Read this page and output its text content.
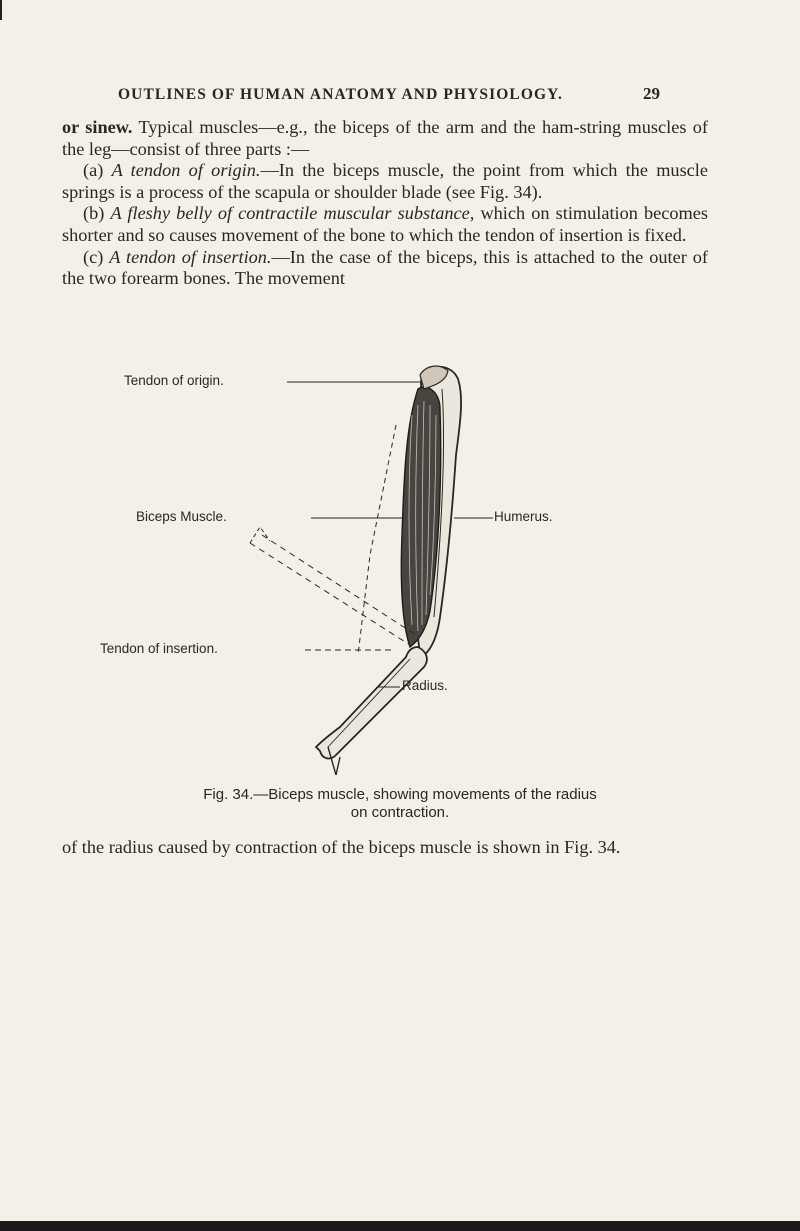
OUTLINES OF HUMAN ANATOMY AND PHYSIOLOGY.	29

or sinew. Typical muscles—e.g., the biceps of the arm and the ham-string muscles of the leg—consist of three parts :—

(a) A tendon of origin.—In the biceps muscle, the point from which the muscle springs is a process of the scapula or shoulder blade (see Fig. 34).

(b) A fleshy belly of contractile muscular substance, which on stimulation becomes shorter and so causes movement of the bone to which the tendon of insertion is fixed.

(c) A tendon of insertion.—In the case of the biceps, this is attached to the outer of the two forearm bones. The movement

Tendon of origin.
Biceps Muscle.	Humerus.
Tendon of insertion.
Radius.
Fig. 34.—Biceps muscle, showing movements of the radius
on contraction.
of the radius caused by contraction of the biceps muscle is shown in Fig. 34.
